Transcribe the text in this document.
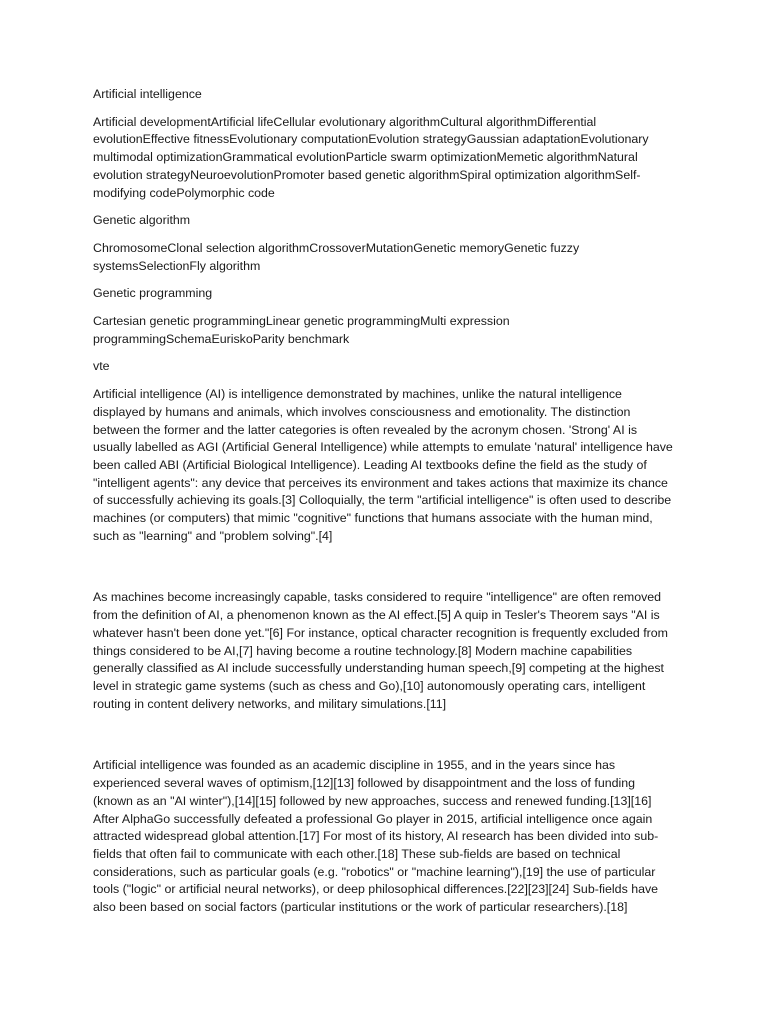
Artificial intelligence

Artificial developmentArtificial lifeCellular evolutionary algorithmCultural algorithmDifferential evolutionEffective fitnessEvolutionary computationEvolution strategyGaussian adaptationEvolutionary multimodal optimizationGrammatical evolutionParticle swarm optimizationMemetic algorithmNatural evolution strategyNeuroevolutionPromoter based genetic algorithmSpiral optimization algorithmSelf-modifying codePolymorphic code

Genetic algorithm

ChromosomeClonal selection algorithmCrossoverMutationGenetic memoryGenetic fuzzy systemsSelectionFly algorithm

Genetic programming

Cartesian genetic programmingLinear genetic programmingMulti expression programmingSchemaEuriskoParity benchmark

vte

Artificial intelligence (AI) is intelligence demonstrated by machines, unlike the natural intelligence displayed by humans and animals, which involves consciousness and emotionality. The distinction between the former and the latter categories is often revealed by the acronym chosen. 'Strong' AI is usually labelled as AGI (Artificial General Intelligence) while attempts to emulate 'natural' intelligence have been called ABI (Artificial Biological Intelligence). Leading AI textbooks define the field as the study of "intelligent agents": any device that perceives its environment and takes actions that maximize its chance of successfully achieving its goals.[3] Colloquially, the term "artificial intelligence" is often used to describe machines (or computers) that mimic "cognitive" functions that humans associate with the human mind, such as "learning" and "problem solving".[4]

As machines become increasingly capable, tasks considered to require "intelligence" are often removed from the definition of AI, a phenomenon known as the AI effect.[5] A quip in Tesler's Theorem says "AI is whatever hasn't been done yet."[6] For instance, optical character recognition is frequently excluded from things considered to be AI,[7] having become a routine technology.[8] Modern machine capabilities generally classified as AI include successfully understanding human speech,[9] competing at the highest level in strategic game systems (such as chess and Go),[10] autonomously operating cars, intelligent routing in content delivery networks, and military simulations.[11]

Artificial intelligence was founded as an academic discipline in 1955, and in the years since has experienced several waves of optimism,[12][13] followed by disappointment and the loss of funding (known as an "AI winter"),[14][15] followed by new approaches, success and renewed funding.[13][16] After AlphaGo successfully defeated a professional Go player in 2015, artificial intelligence once again attracted widespread global attention.[17] For most of its history, AI research has been divided into sub-fields that often fail to communicate with each other.[18] These sub-fields are based on technical considerations, such as particular goals (e.g. "robotics" or "machine learning"),[19] the use of particular tools ("logic" or artificial neural networks), or deep philosophical differences.[22][23][24] Sub-fields have also been based on social factors (particular institutions or the work of particular researchers).[18]
